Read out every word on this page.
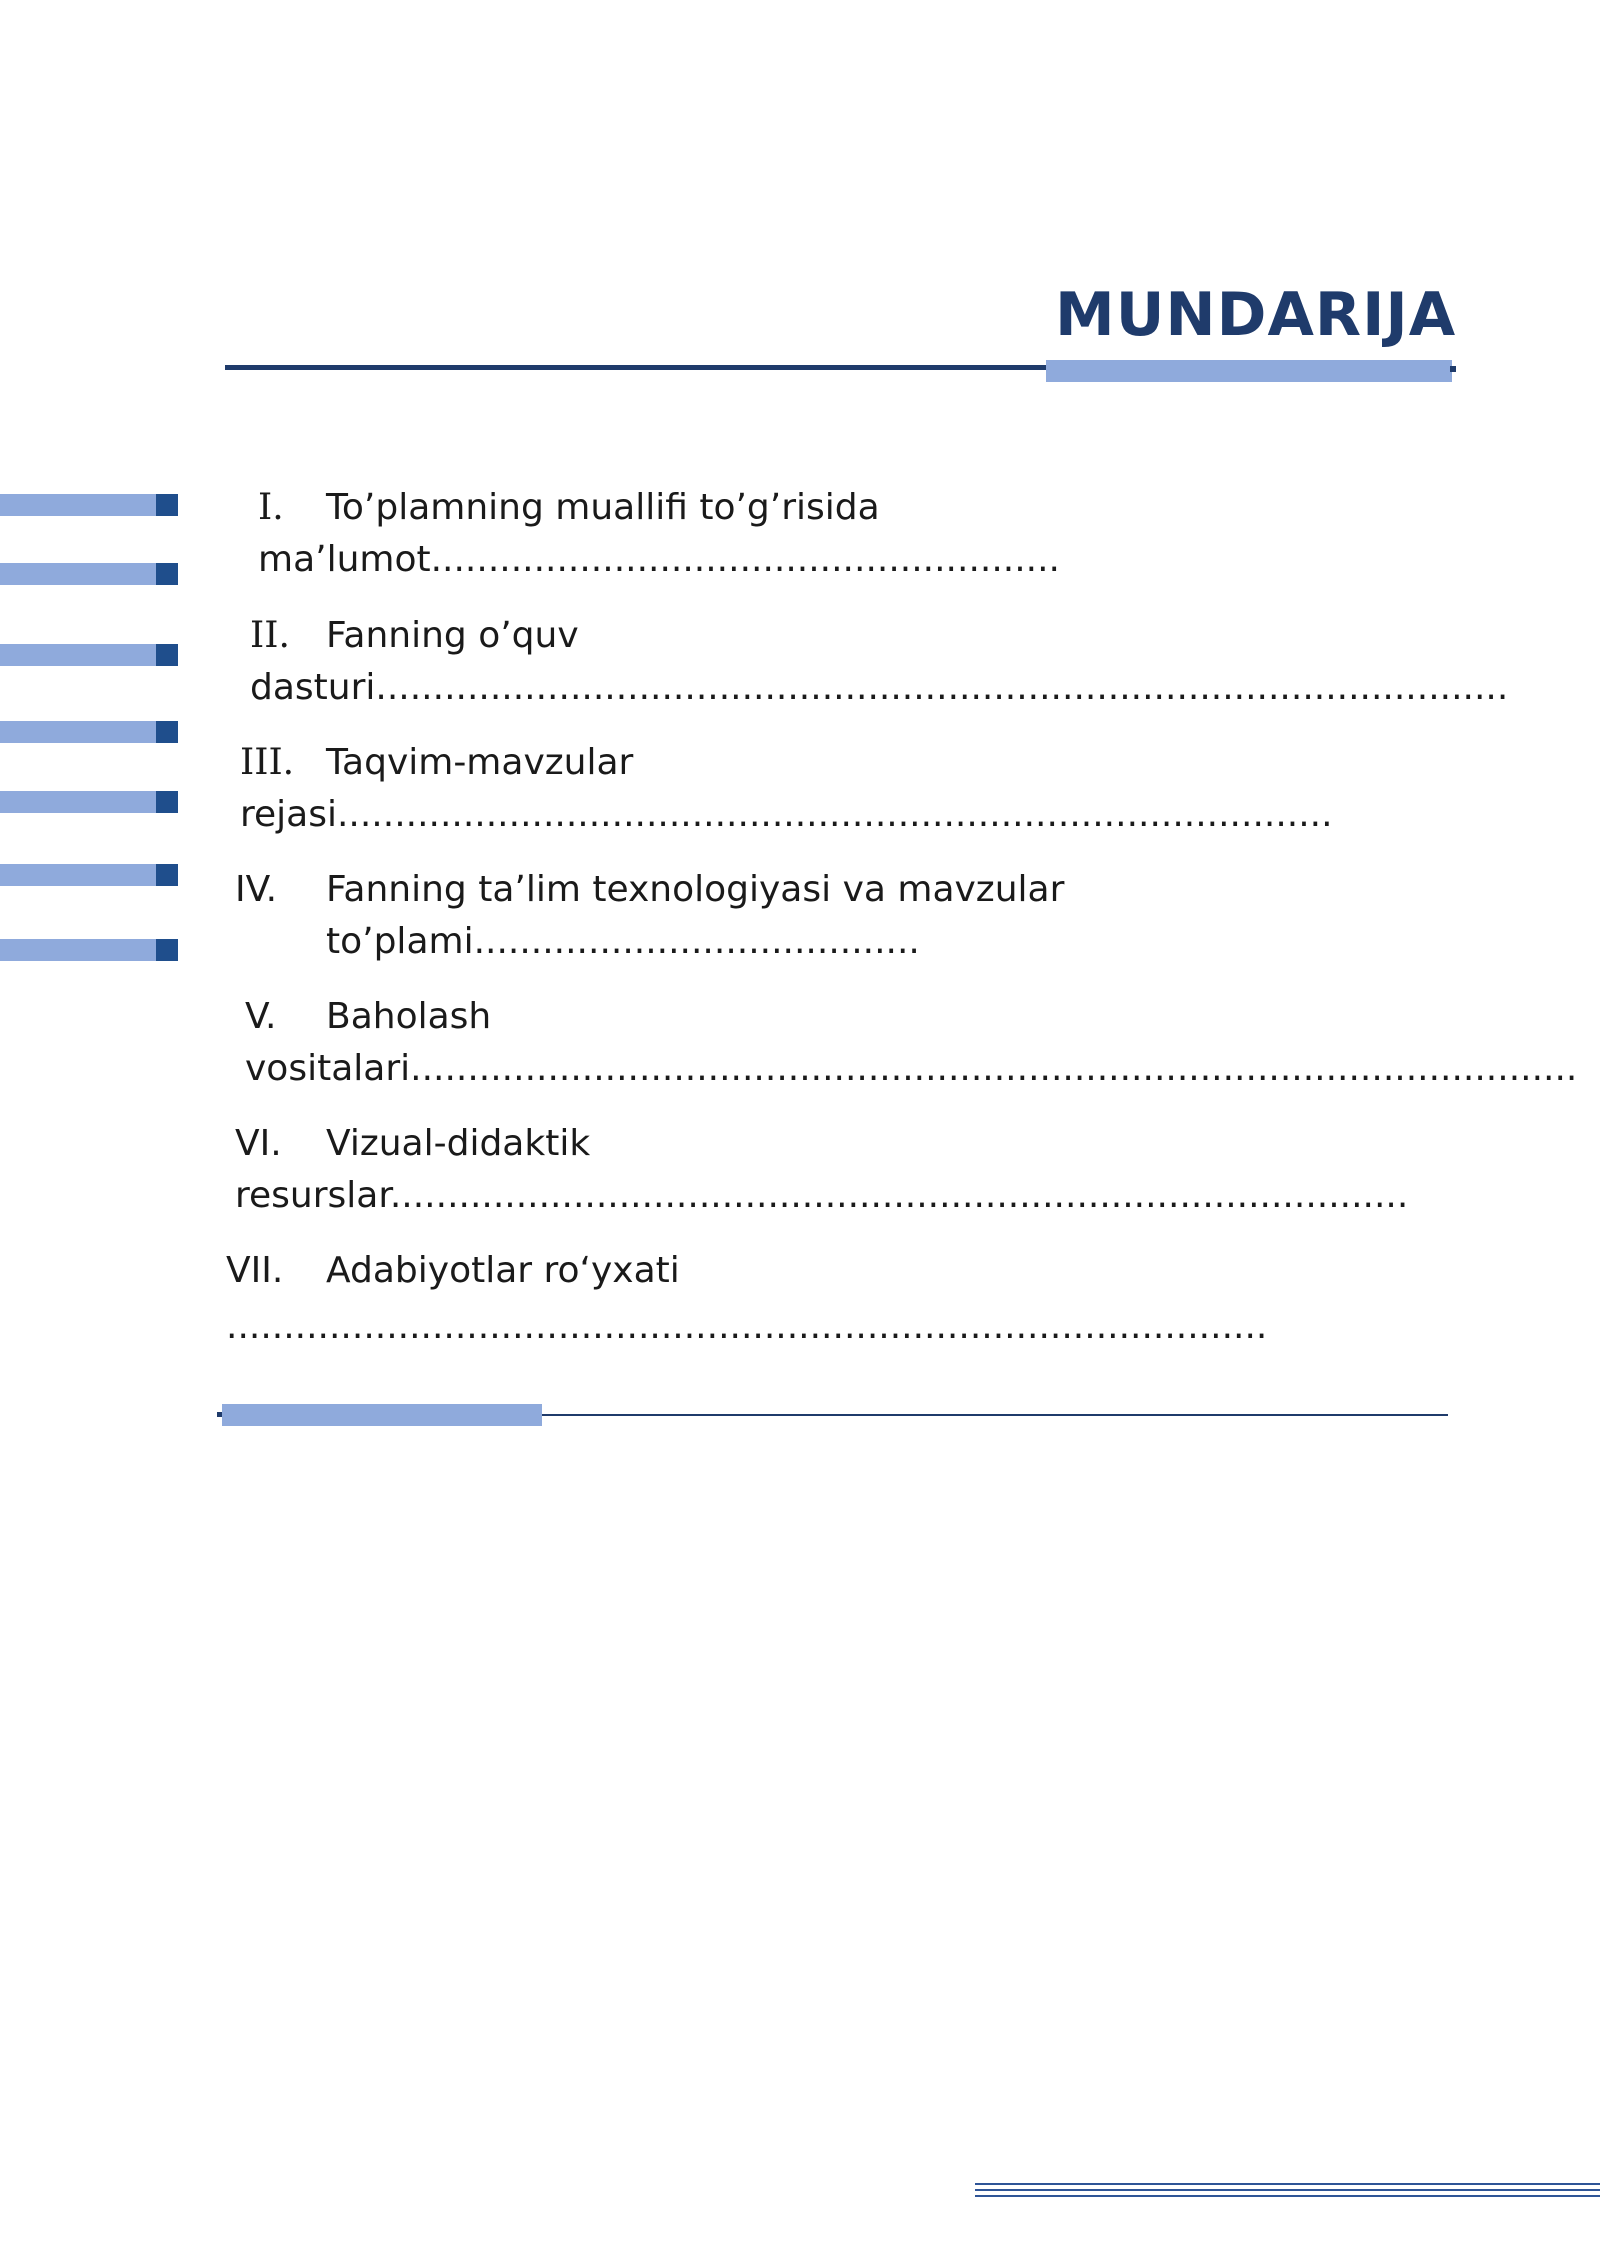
MUNDARIJA
I. To’plamning muallifi to’g’risida
ma’lumot.......................................................
II. Fanning o’quv
dasturi...................................................................................................
III. Taqvim-mavzular
rejasi.......................................................................................
IV. Fanning ta’lim texnologiyasi va mavzular
to’plami.......................................
V. Baholash
vositalari......................................................................................................
VI. Vizual-didaktik
resurslar.........................................................................................
VII. Adabiyotlar ro‘yxati
...........................................................................................
